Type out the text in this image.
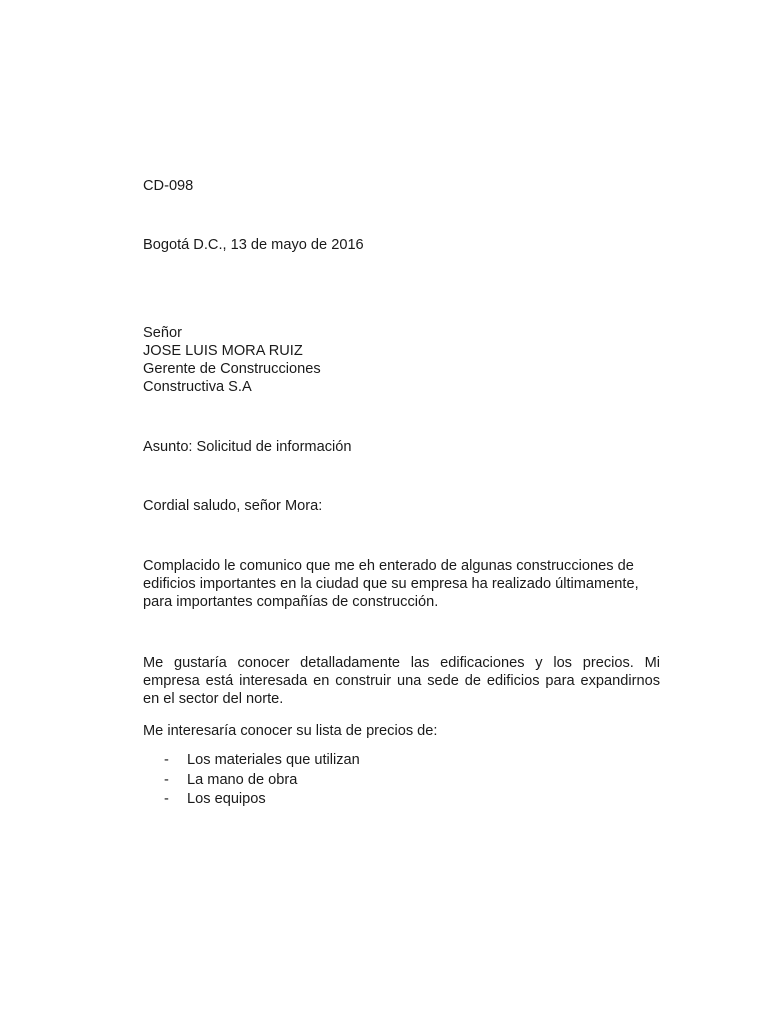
CD-098

Bogotá D.C., 13 de mayo de 2016

Señor
JOSE LUIS MORA RUIZ
Gerente de Construcciones
Constructiva S.A

Asunto: Solicitud de información

Cordial saludo, señor Mora:

Complacido le comunico que me eh enterado de algunas construcciones de
edificios importantes en la ciudad que su empresa ha realizado últimamente,
para importantes compañías de construcción.

Me gustaría conocer detalladamente las edificaciones y los precios. Mi empresa está interesada en construir una sede de edificios para expandirnos en el sector del norte.

Me interesaría conocer su lista de precios de:

- Los materiales que utilizan
- La mano de obra
- Los equipos
